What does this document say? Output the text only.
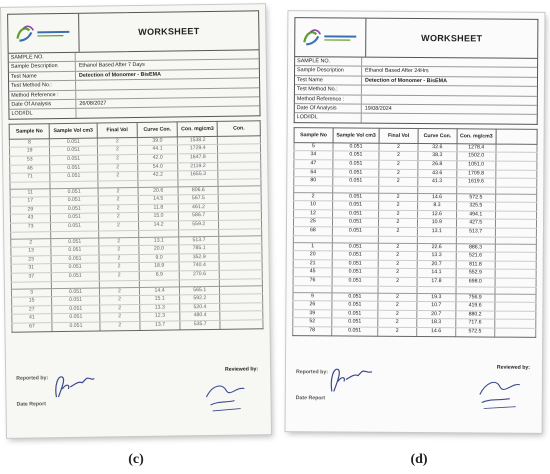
WORKSHEET
SAMPLE NO.
Sample Description	Ethanol Based After 7 Days
Test Name	Detection of Monomer - BisEMA
Test Method No.:
Method Reference :
Date Of Analysis	26/08/2027
LOD/IDL
Sample No	Sample Vol cm3	Final Vol	Curve Con.	Con. mg/cm3	Con.
8	0.051	2	39.0	1538.2	
19	0.051	2	44.1	1729.4	
53	0.051	2	42.0	1647.8	
46	0.051	2	54.0	2119.2	
71	0.051	2	42.2	1655.3	

11	0.051	2	20.6	806.6	
17	0.051	2	14.5	567.5	
29	0.051	2	11.8	461.2	
43	0.051	2	15.0	586.7	
73	0.051	2	14.2	559.2	

2	0.051	2	13.1	513.7	
13	0.051	2	20.0	785.1	
23	0.051	2	9.0	352.9	
31	0.051	2	18.9	740.4	
37	0.051	2	6.9	270.6	

3	0.051	2	14.4	565.1	
15	0.051	2	15.1	592.2	
27	0.051	2	13.3	520.4	
41	0.051	2	12.3	480.4	
67	0.051	2	13.7	535.7	
Reported by:
Date Report
Reviewed by:
WORKSHEET
SAMPLE NO.
Sample Description	Ethanol Based After 24Hrs
Test Name	Detection of Monomer - BisEMA
Test Method No.:
Method Reference :
Date Of Analysis	19/08/2024
LOD/IDL
Sample No	Sample Vol cm3	Final Vol	Curve Con.	Con. mg/cm3	
5	0.051	2	32.6	1278.4	
34	0.051	2	38.3	1502.0	
47	0.051	2	26.8	1051.0	
64	0.051	2	43.6	1709.8	
80	0.051	2	41.3	1619.6	

2	0.051	2	14.6	572.5	
10	0.051	2	8.3	325.5	
12	0.051	2	12.6	494.1	
25	0.051	2	10.9	427.5	
68	0.051	2	13.1	513.7	

1	0.051	2	22.6	886.3	
20	0.051	2	13.3	521.6	
21	0.051	2	20.7	811.8	
45	0.051	2	14.1	552.9	
76	0.051	2	17.8	698.0	

9	0.051	2	19.3	756.9	
26	0.051	2	10.7	419.6	
39	0.051	2	20.7	880.2	
52	0.051	2	18.3	717.6	
78	0.051	2	14.6	572.5	
Reported by:
Date Report
Reviewed by:
(c)	(d)
